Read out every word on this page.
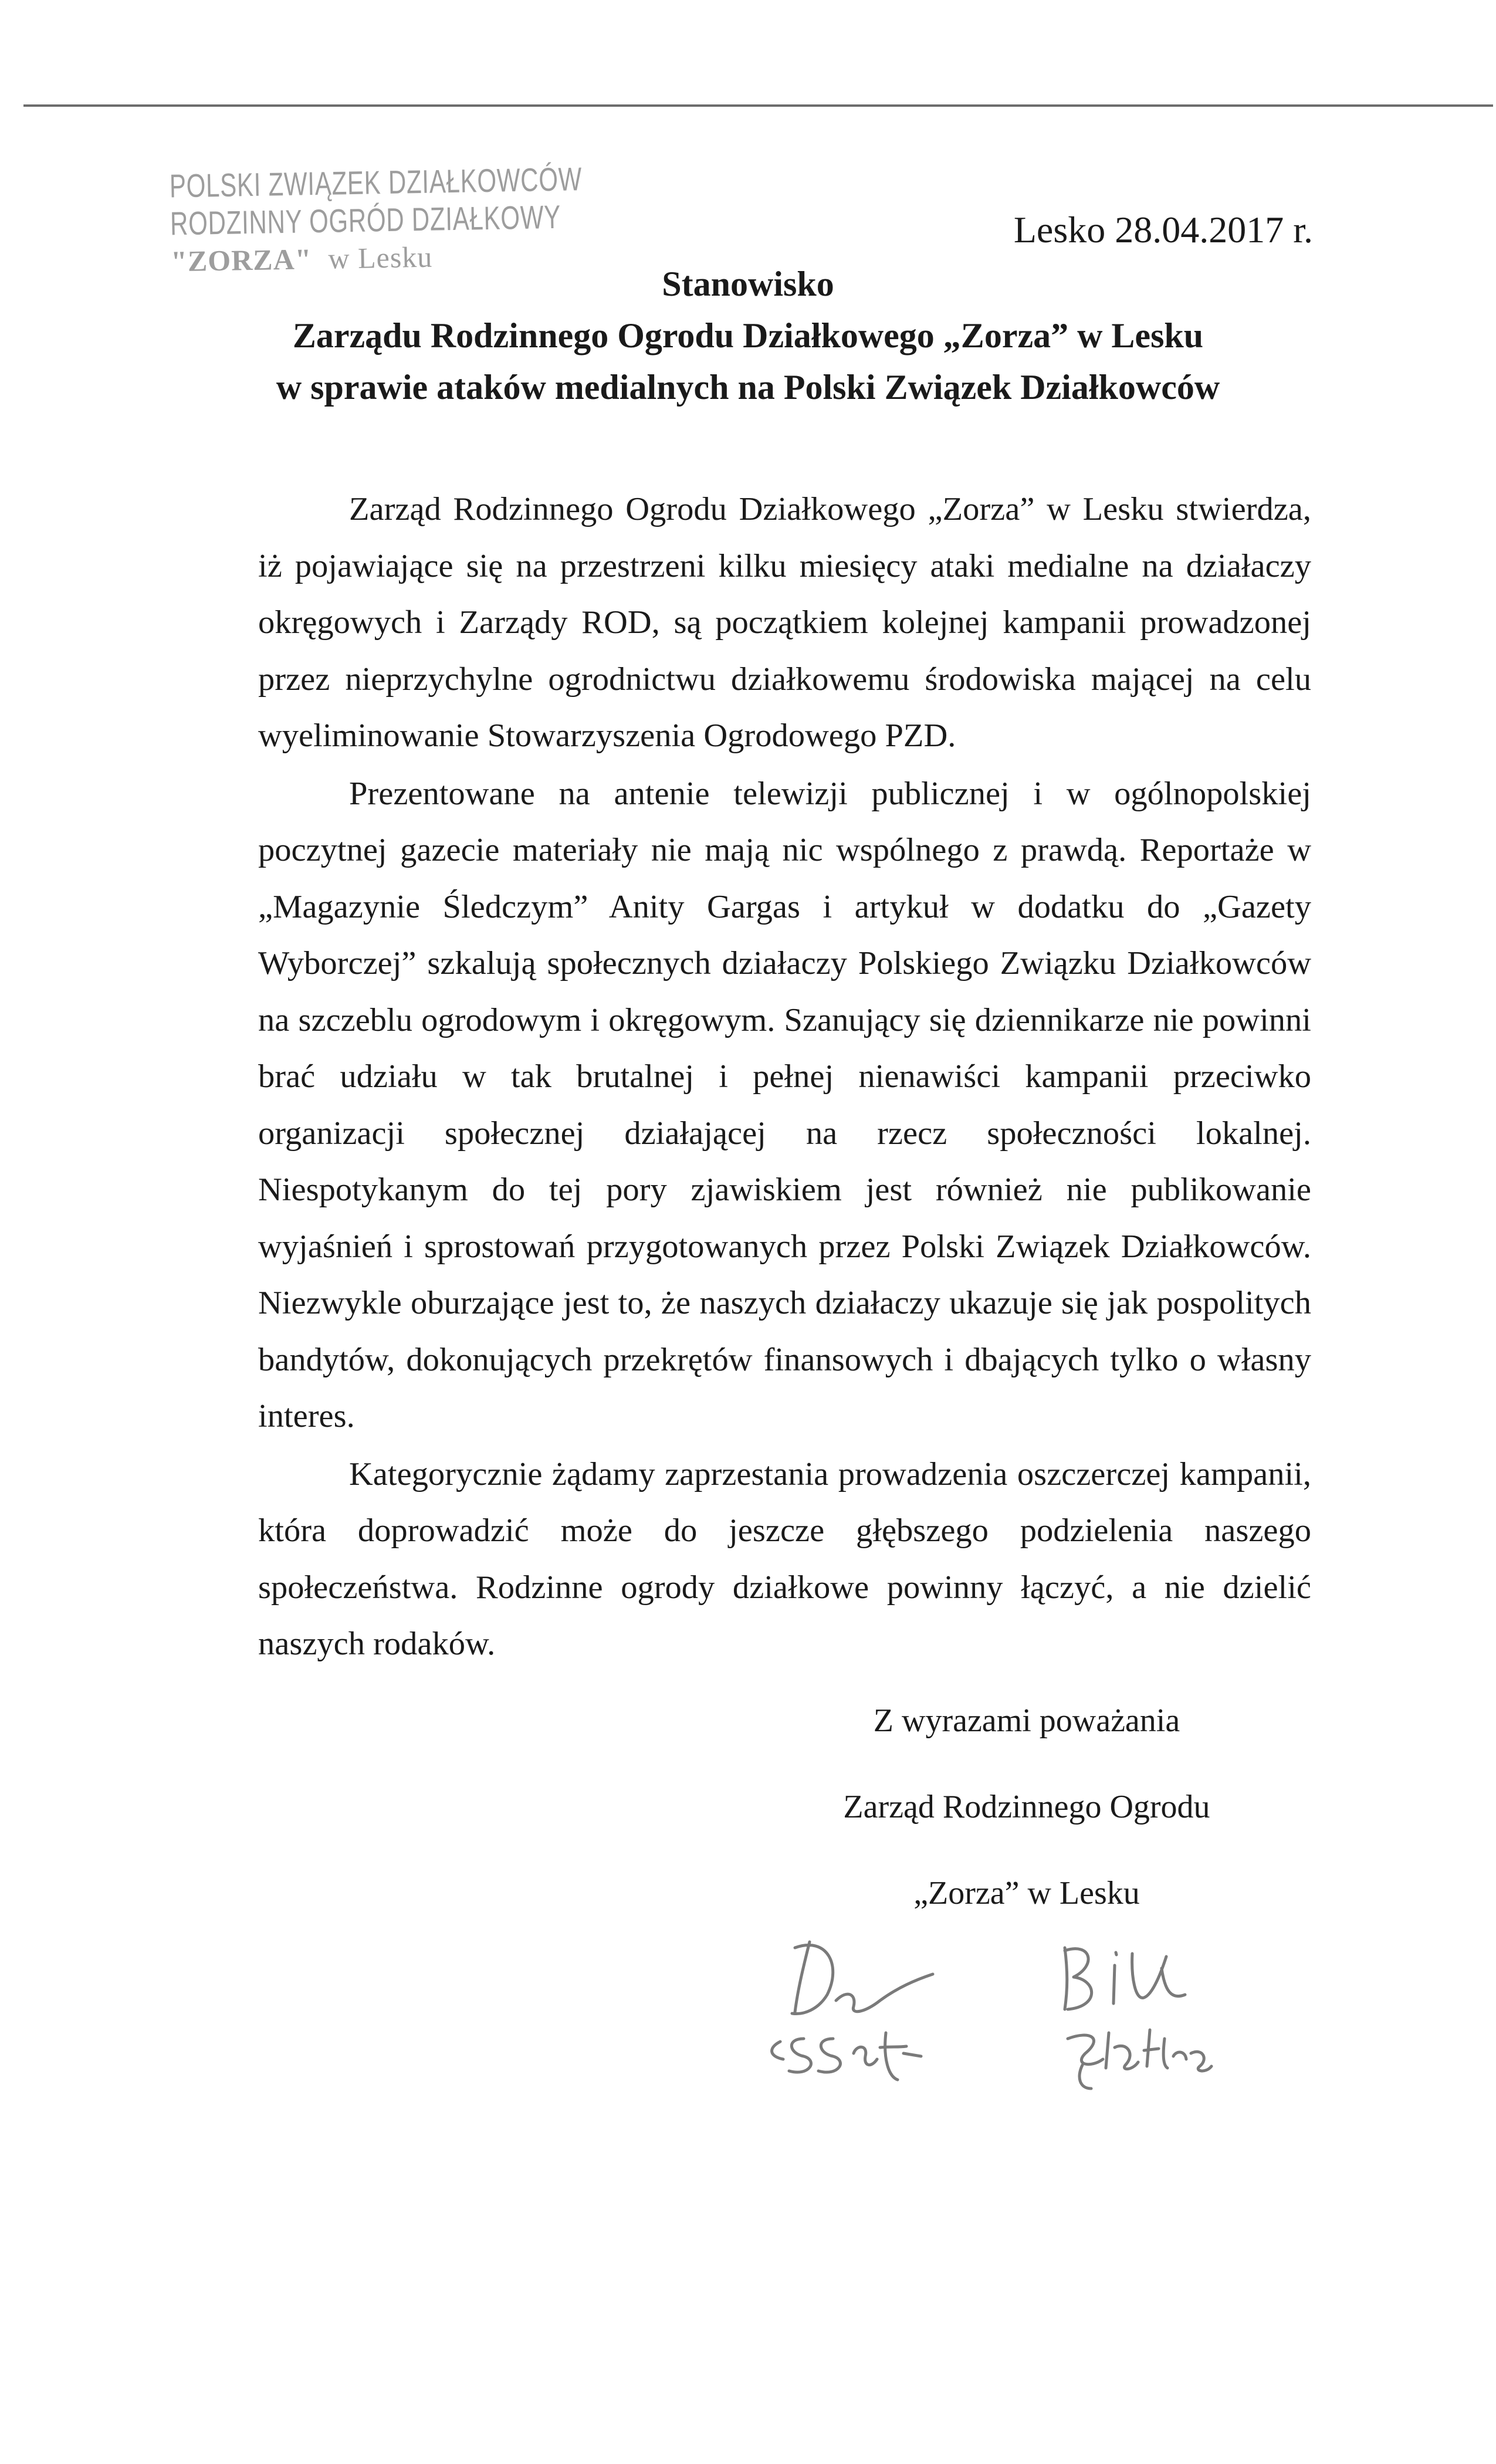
POLSKI ZWIĄZEK DZIAŁKOWCÓW
RODZINNY OGRÓD DZIAŁKOWY
"ZORZA" w Lesku
Lesko 28.04.2017 r.
Stanowisko
Zarządu Rodzinnego Ogrodu Działkowego „Zorza” w Lesku
w sprawie ataków medialnych na Polski Związek Działkowców

Zarząd Rodzinnego Ogrodu Działkowego „Zorza” w Lesku stwierdza, iż pojawiające się na przestrzeni kilku miesięcy ataki medialne na działaczy okręgowych i Zarządy ROD, są początkiem kolejnej kampanii prowadzonej przez nieprzychylne ogrodnictwu działkowemu środowiska mającej na celu wyeliminowanie Stowarzyszenia Ogrodowego PZD.

Prezentowane na antenie telewizji publicznej i w ogólnopolskiej poczytnej gazecie materiały nie mają nic wspólnego z prawdą. Reportaże w „Magazynie Śledczym” Anity Gargas i artykuł w dodatku do „Gazety Wyborczej” szkalują społecznych działaczy Polskiego Związku Działkowców na szczeblu ogrodowym i okręgowym. Szanujący się dziennikarze nie powinni brać udziału w tak brutalnej i pełnej nienawiści kampanii przeciwko organizacji społecznej działającej na rzecz społeczności lokalnej. Niespotykanym do tej pory zjawiskiem jest również nie publikowanie wyjaśnień i sprostowań przygotowanych przez Polski Związek Działkowców. Niezwykle oburzające jest to, że naszych działaczy ukazuje się jak pospolitych bandytów, dokonujących przekrętów finansowych i dbających tylko o własny interes.

Kategorycznie żądamy zaprzestania prowadzenia oszczerczej kampanii, która doprowadzić może do jeszcze głębszego podzielenia naszego społeczeństwa. Rodzinne ogrody działkowe powinny łączyć, a nie dzielić naszych rodaków.

Z wyrazami poważania
Zarząd Rodzinnego Ogrodu
„Zorza” w Lesku
